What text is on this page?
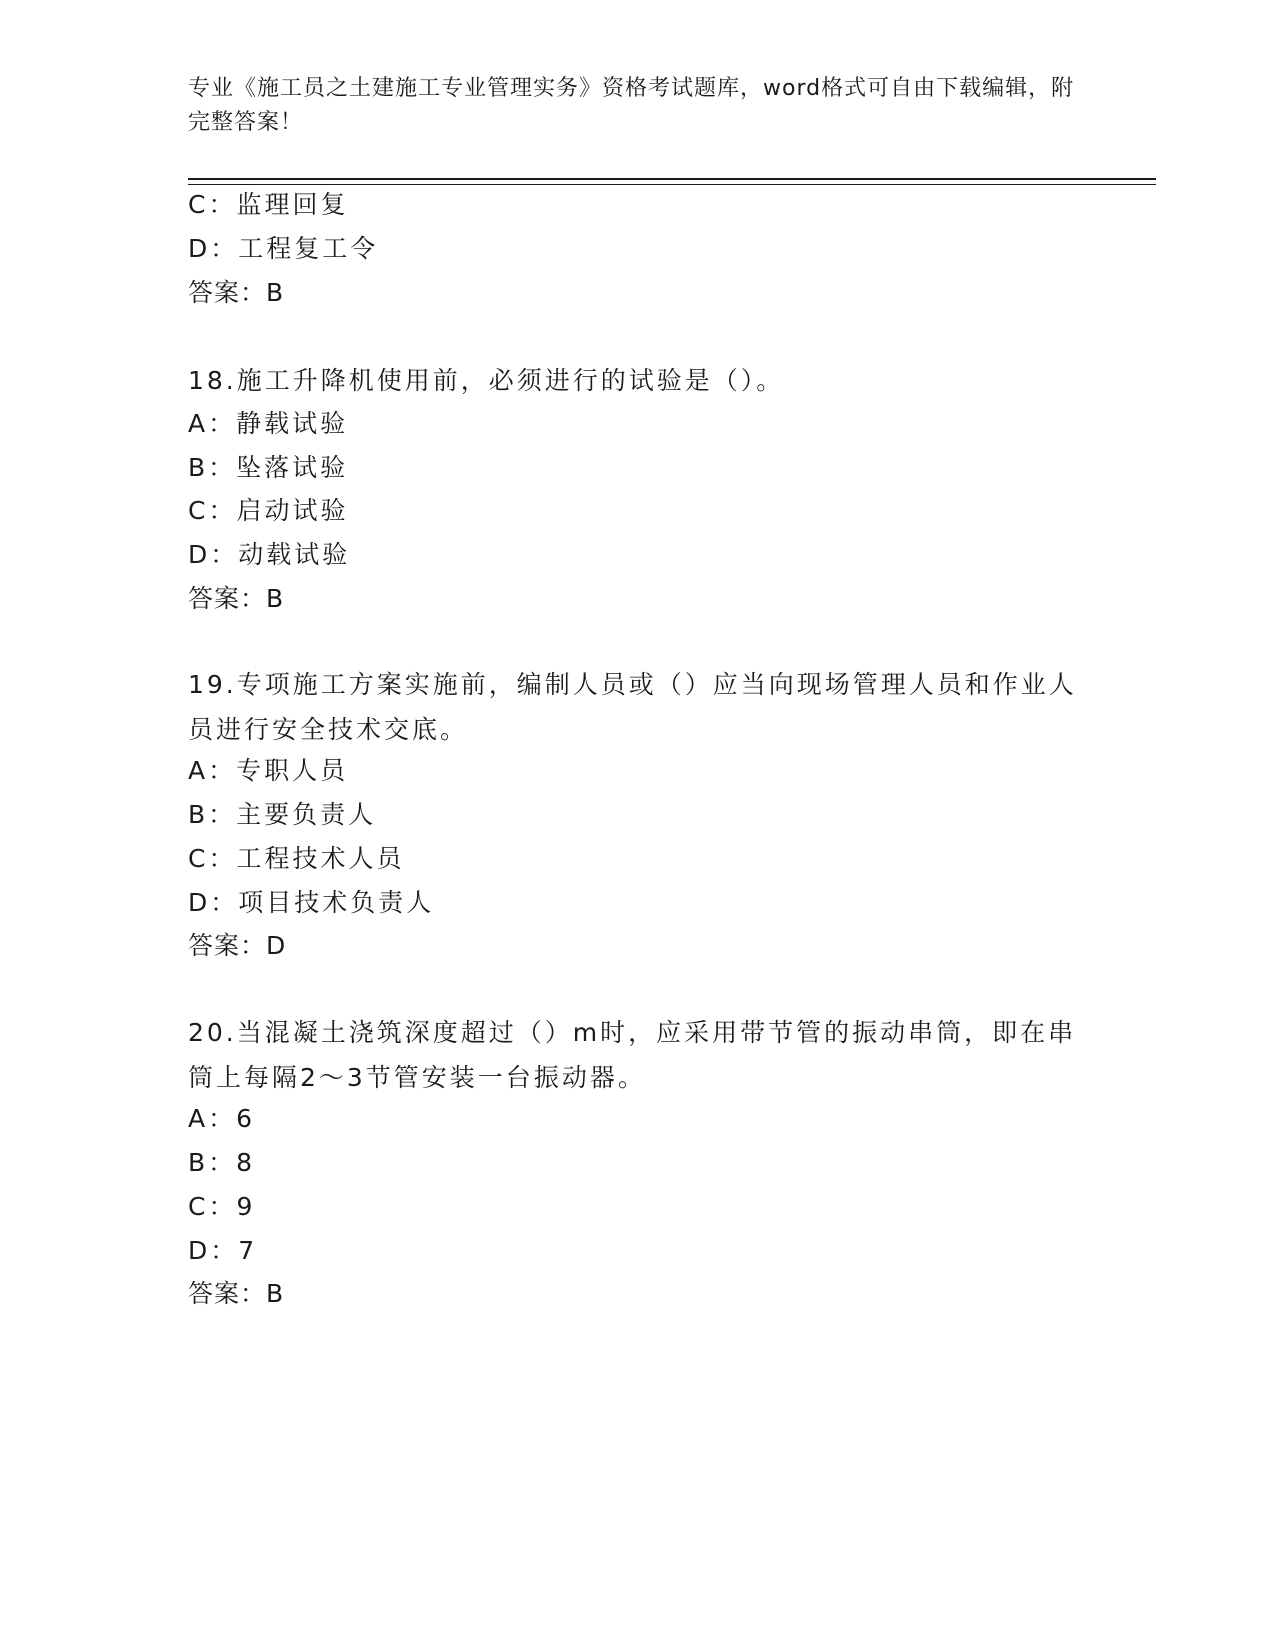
专业《施工员之土建施工专业管理实务》资格考试题库，word格式可自由下载编辑，附完整答案！
C：监理回复
D：工程复工令
答案：B
18.施工升降机使用前，必须进行的试验是（）。
A：静载试验
B：坠落试验
C：启动试验
D：动载试验
答案：B
19.专项施工方案实施前，编制人员或（）应当向现场管理人员和作业人员进行安全技术交底。
A：专职人员
B：主要负责人
C：工程技术人员
D：项目技术负责人
答案：D
20.当混凝土浇筑深度超过（）m时，应采用带节管的振动串筒，即在串筒上每隔2～3节管安装一台振动器。
A：6
B：8
C：9
D：7
答案：B
